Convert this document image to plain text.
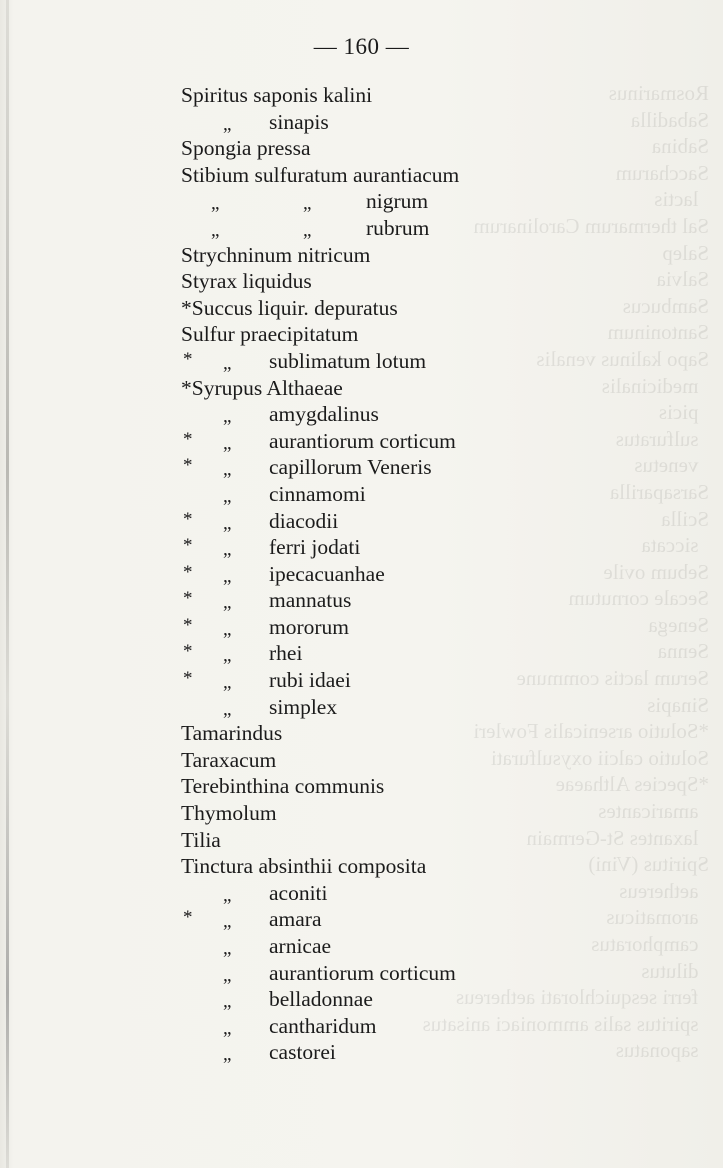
Rosmarinus
Sabadilla
Sabina
Saccharum
lactis
Sal thermarum Carolinarum
Salep
Salvia
Sambucus
Santoninum
Sapo kalinus venalis
medicinalis
picis
sulfuratus
venetus
Sarsaparilla
Scilla
siccata
Sebum ovile
Secale cornutum
Senega
Senna
Serum lactis commune
Sinapis
*Solutio arsenicalis Fowleri
Solutio calcii oxysulfurati
*Species Althaeae
amaricantes
laxantes St-Germain
Spiritus (Vini)
aethereus
aromaticus
camphoratus
dilutus
ferri sesquichlorati aethereus
spiritus salis ammoniaci anisatus
saponatus
— 160 —
Spiritus saponis kalini
„ sinapis
Spongia pressa
Stibium sulfuratum aurantiacum
„	„	nigrum
„	„	rubrum
Strychninum nitricum
Styrax liquidus
*Succus liquir. depuratus
Sulfur praecipitatum
* „ sublimatum lotum
*Syrupus Althaeae
„ amygdalinus
* „ aurantiorum corticum
* „ capillorum Veneris
„ cinnamomi
* „ diacodii
* „ ferri jodati
* „ ipecacuanhae
* „ mannatus
* „ mororum
* „ rhei
* „ rubi idaei
„ simplex
Tamarindus
Taraxacum
Terebinthina communis
Thymolum
Tilia
Tinctura absinthii composita
„ aconiti
* „ amara
„ arnicae
„ aurantiorum corticum
„ belladonnae
„ cantharidum
„ castorei
